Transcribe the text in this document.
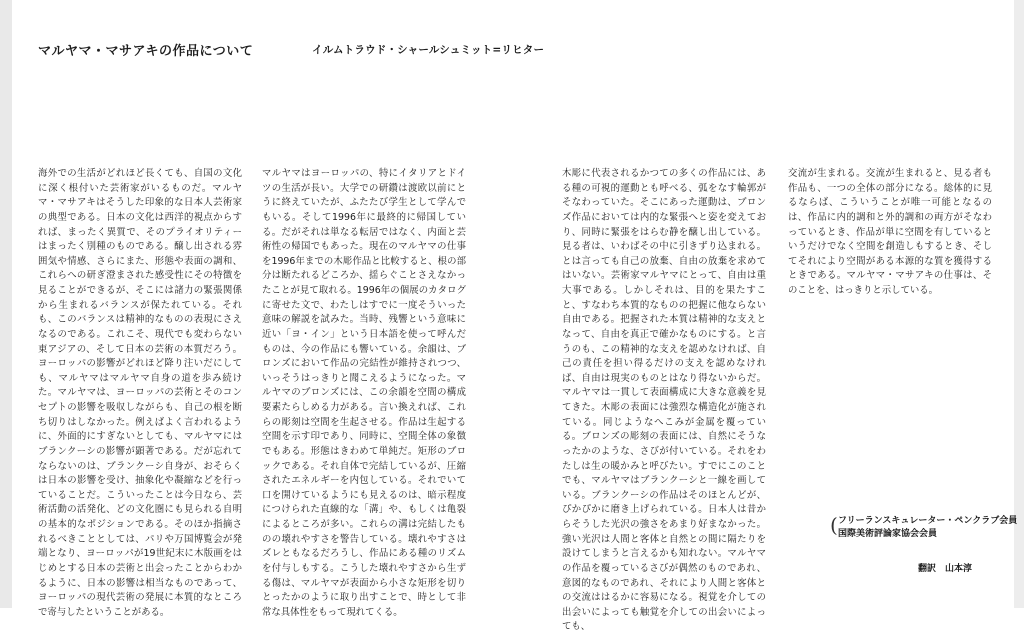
マルヤマ・マサアキの作品について	イルムトラウド・シャールシュミット=リヒター
海外での生活がどれほど長くても、自国の文化に深く根付いた芸術家がいるものだ。マルヤマ・マサアキはそうした印象的な日本人芸術家の典型である。日本の文化は西洋的視点からすれば、まったく異質で、そのプライオリティーはまったく別種のものである。醸し出される雰囲気や情感、さらにまた、形態や表面の調和、これらへの研ぎ澄まされた感受性にその特徴を見ることができるが、そこには諸力の緊張関係から生まれるバランスが保たれている。それも、このバランスは精神的なものの表現にさえなるのである。これこそ、現代でも変わらない東アジアの、そして日本の芸術の本質だろう。ヨーロッパの影響がどれほど降り注いだにしても、マルヤマはマルヤマ自身の道を歩み続けた。マルヤマは、ヨーロッパの芸術とそのコンセプトの影響を吸収しながらも、自己の根を断ち切りはしなかった。例えばよく言われるように、外面的にすぎないとしても、マルヤマにはブランクーシの影響が顕著である。だが忘れてならないのは、ブランクーシ自身が、おそらくは日本の影響を受け、抽象化や凝縮などを行っていることだ。こういったことは今日なら、芸術活動の活発化、どの文化圏にも見られる自明の基本的なポジションである。そのほか指摘されるべきこととしては、パリや万国博覧会が発端となり、ヨーロッパが19世紀末に木版画をはじめとする日本の芸術と出会ったことからわかるように、日本の影響は相当なものであって、ヨーロッパの現代芸術の発展に本質的なところで寄与したということがある。
マルヤマはヨーロッパの、特にイタリアとドイツの生活が長い。大学での研鑽は渡欧以前にとうに終えていたが、ふたたび学生として学んでもいる。そして1996年に最終的に帰国している。だがそれは単なる転居ではなく、内面と芸術性の帰国でもあった。現在のマルヤマの仕事を1996年までの木彫作品と比較すると、根の部分は断たれるどころか、揺らぐことさえなかったことが見て取れる。1996年の個展のカタログに寄せた文で、わたしはすでに一度そういった意味の解説を試みた。当時、残響という意味に近い「ヨ・イン」という日本語を使って呼んだものは、今の作品にも響いている。余韻は、ブロンズにおいて作品の完結性が維持されつつ、いっそうはっきりと聞こえるようになった。マルヤマのブロンズには、この余韻を空間の構成要素たらしめる力がある。言い換えれば、これらの彫刻は空間を生起させる。作品は生起する空間を示す印であり、同時に、空間全体の象徴でもある。形態はきわめて単純だ。矩形のブロックである。それ自体で完結しているが、圧縮されたエネルギーを内包している。それでいて口を開けているようにも見えるのは、暗示程度につけられた直線的な「溝」や、もしくは亀裂によるところが多い。これらの溝は完結したものの壊れやすさを警告している。壊れやすさはズレともなるだろうし、作品にある種のリズムを付与しもする。こうした壊れやすさから生ずる傷は、マルヤマが表面から小さな矩形を切りとったかのように取り出すことで、時として非常な具体性をもって現れてくる。
木彫に代表されるかつての多くの作品には、ある種の可視的運動とも呼べる、弧をなす輪郭がそなわっていた。そこにあった運動は、ブロンズ作品においては内的な緊張へと姿を変えており、同時に緊張をはらむ静を醸し出している。見る者は、いわばその中に引きずり込まれる。とは言っても自己の放棄、自由の放棄を求めてはいない。芸術家マルヤマにとって、自由は重大事である。しかしそれは、目的を果たすこと、すなわち本質的なものの把握に他ならない自由である。把握された本質は精神的な支えとなって、自由を真正で確かなものにする。と言うのも、この精神的な支えを認めなければ、自己の責任を担い得るだけの支えを認めなければ、自由は現実のものとはなり得ないからだ。マルヤマは一貫して表面構成に大きな意義を見てきた。木彫の表面には強烈な構造化が施されている。同じようなへこみが金属を覆っている。ブロンズの彫刻の表面には、自然にそうなったかのような、さびが付いている。それをわたしは生の暖かみと呼びたい。すでにこのことでも、マルヤマはブランクーシと一線を画している。ブランクーシの作品はそのほとんどが、ぴかぴかに磨き上げられている。日本人は昔からそうした光沢の強さをあまり好まなかった。強い光沢は人間と客体と自然との間に隔たりを設けてしまうと言えるかも知れない。マルヤマの作品を覆っているさびが偶然のものであれ、意図的なものであれ、それにより人間と客体との交流ははるかに容易になる。視覚を介しての出会いによっても触覚を介しての出会いによっても、
交流が生まれる。交流が生まれると、見る者も作品も、一つの全体の部分になる。総体的に見るならば、こういうことが唯一可能となるのは、作品に内的調和と外的調和の両方がそなわっているとき、作品が単に空間を有しているというだけでなく空間を創造しもするとき、そしてそれにより空間がある本源的な質を獲得するときである。マルヤマ・マサアキの仕事は、そのことを、はっきりと示している。
( フリーランスキュレーター・ペンクラブ会員
国際美術評論家協会会員
翻訳　山本淳
